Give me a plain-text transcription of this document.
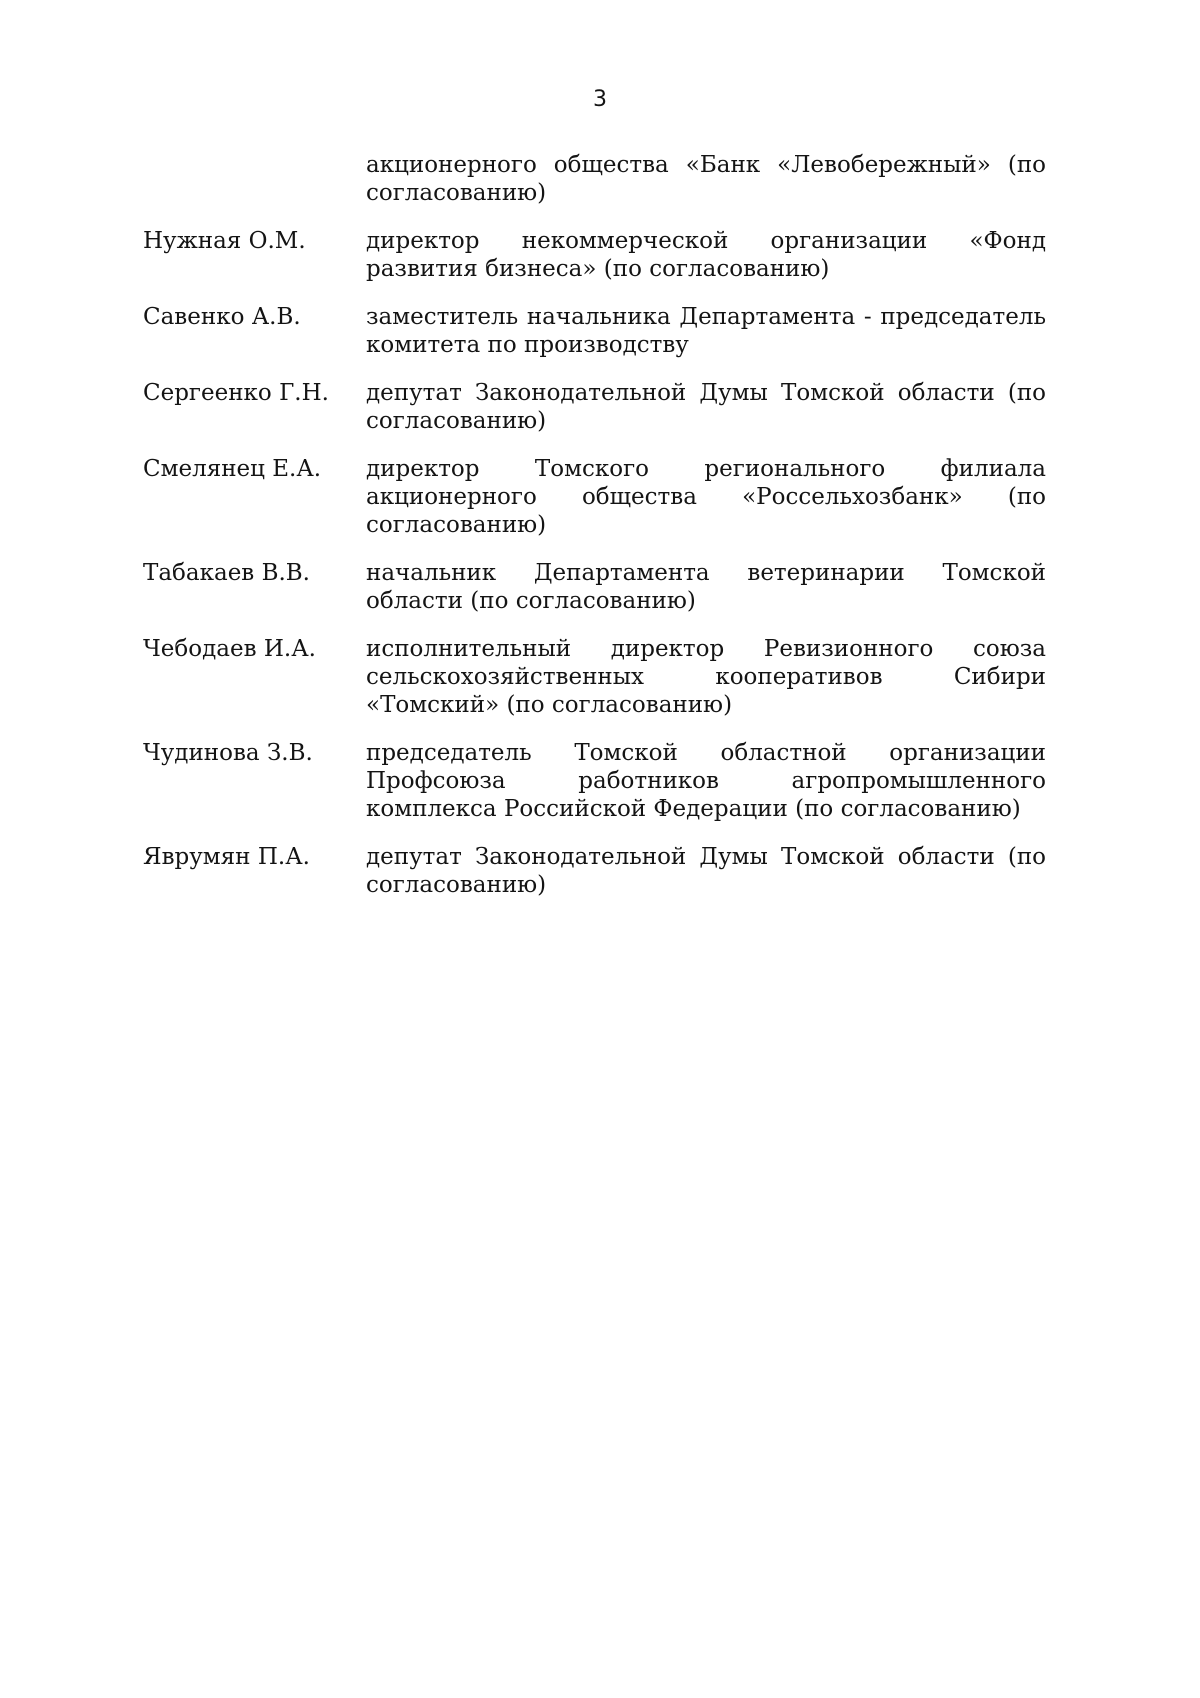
3
акционерного общества «Банк «Левобережный» (по согласованию)
Нужная О.М.	директор некоммерческой организации «Фонд развития бизнеса» (по согласованию)
Савенко А.В.	заместитель начальника Департамента - председатель комитета по производству
Сергеенко Г.Н.	депутат Законодательной Думы Томской области (по согласованию)
Смелянец Е.А.	директор Томского регионального филиала акционерного общества «Россельхозбанк» (по согласованию)
Табакаев В.В.	начальник Департамента ветеринарии Томской области (по согласованию)
Чебодаев И.А.	исполнительный директор Ревизионного союза сельскохозяйственных кооперативов Сибири «Томский» (по согласованию)
Чудинова З.В.	председатель Томской областной организации Профсоюза работников агропромышленного комплекса Российской Федерации (по согласованию)
Яврумян П.А.	депутат Законодательной Думы Томской области (по согласованию)
